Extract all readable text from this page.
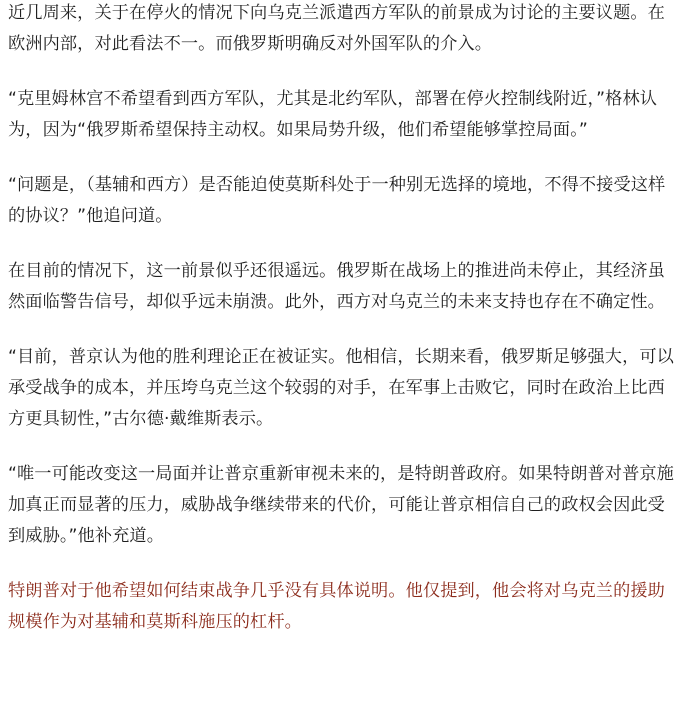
近几周来，关于在停火的情况下向乌克兰派遣西方军队的前景成为讨论的主要议题。在欧洲内部，对此看法不一。而俄罗斯明确反对外国军队的介入。

“克里姆林宫不希望看到西方军队，尤其是北约军队，部署在停火控制线附近，”格林认为，因为“俄罗斯希望保持主动权。如果局势升级，他们希望能够掌控局面。”

“问题是，（基辅和西方）是否能迫使莫斯科处于一种别无选择的境地，不得不接受这样的协议？”他追问道。

在目前的情况下，这一前景似乎还很遥远。俄罗斯在战场上的推进尚未停止，其经济虽然面临警告信号，却似乎远未崩溃。此外，西方对乌克兰的未来支持也存在不确定性。

“目前，普京认为他的胜利理论正在被证实。他相信，长期来看，俄罗斯足够强大，可以承受战争的成本，并压垮乌克兰这个较弱的对手，在军事上击败它，同时在政治上比西方更具韧性，”古尔德·戴维斯表示。

“唯一可能改变这一局面并让普京重新审视未来的，是特朗普政府。如果特朗普对普京施加真正而显著的压力，威胁战争继续带来的代价，可能让普京相信自己的政权会因此受到威胁。”他补充道。

特朗普对于他希望如何结束战争几乎没有具体说明。他仅提到，他会将对乌克兰的援助规模作为对基辅和莫斯科施压的杠杆。
